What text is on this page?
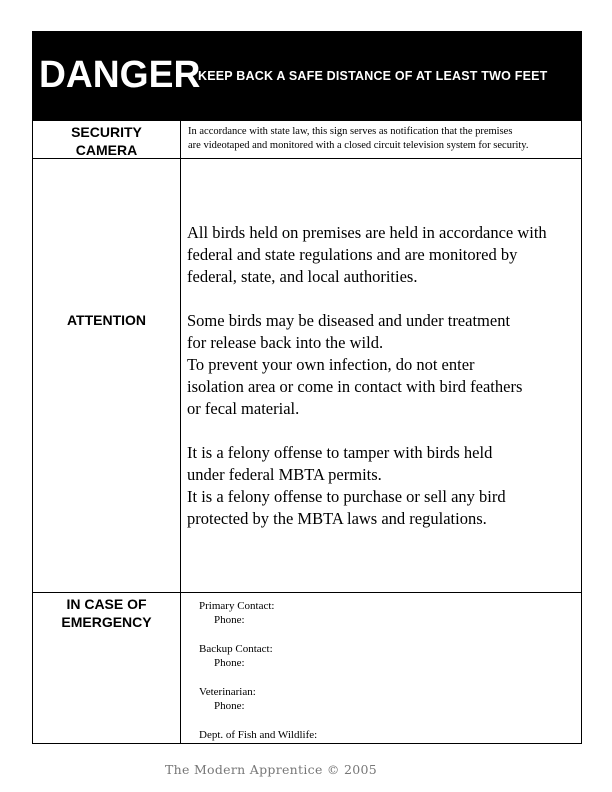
DANGER
KEEP BACK A SAFE DISTANCE OF AT LEAST TWO FEET
SECURITY
CAMERA
In accordance with state law, this sign serves as notification that the premises
are videotaped and monitored with a closed circuit television system for security.
ATTENTION
All birds held on premises are held in accordance with
federal and state regulations and are monitored by
federal, state, and local authorities.
Some birds may be diseased and under treatment
for release back into the wild.
To prevent your own infection, do not enter
isolation area or come in contact with bird feathers
or fecal material.
It is a felony offense to tamper with birds held
under federal MBTA permits.
It is a felony offense to purchase or sell any bird
protected by the MBTA laws and regulations.
IN CASE OF
EMERGENCY
Primary Contact:
Phone:
Backup Contact:
Phone:
Veterinarian:
Phone:
Dept. of Fish and Wildlife:
The Modern Apprentice © 2005
